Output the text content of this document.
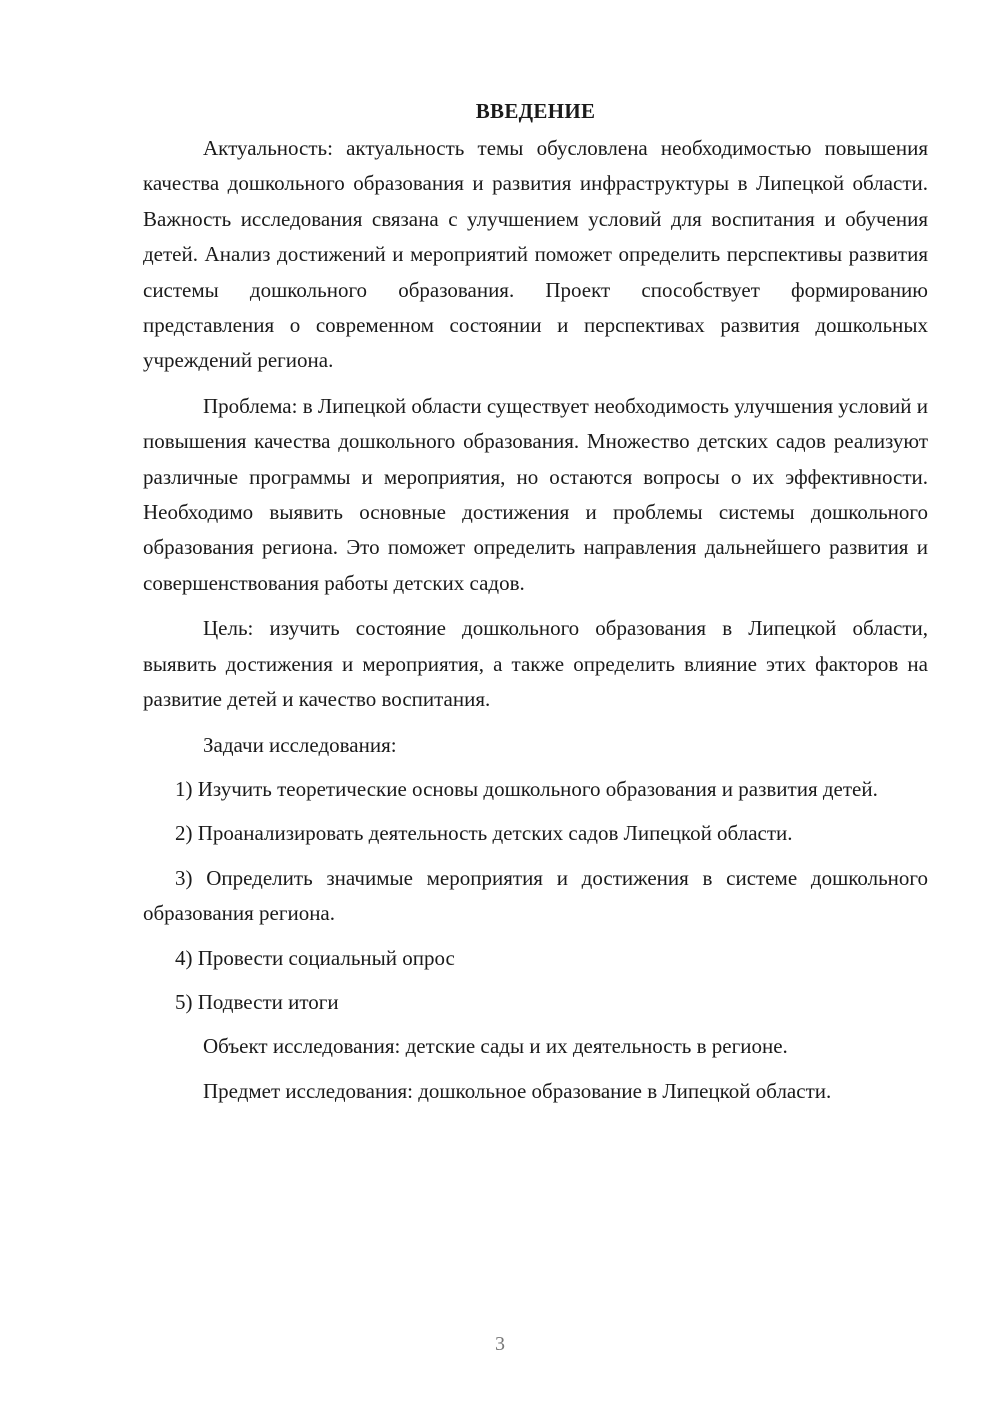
ВВЕДЕНИЕ

Актуальность: актуальность темы обусловлена необходимостью повышения качества дошкольного образования и развития инфраструктуры в Липецкой области. Важность исследования связана с улучшением условий для воспитания и обучения детей. Анализ достижений и мероприятий поможет определить перспективы развития системы дошкольного образования. Проект способствует формированию представления о современном состоянии и перспективах развития дошкольных учреждений региона.

Проблема: в Липецкой области существует необходимость улучшения условий и повышения качества дошкольного образования. Множество детских садов реализуют различные программы и мероприятия, но остаются вопросы о их эффективности. Необходимо выявить основные достижения и проблемы системы дошкольного образования региона. Это поможет определить направления дальнейшего развития и совершенствования работы детских садов.

Цель: изучить состояние дошкольного образования в Липецкой области, выявить достижения и мероприятия, а также определить влияние этих факторов на развитие детей и качество воспитания.

Задачи исследования:

1) Изучить теоретические основы дошкольного образования и развития детей.

2) Проанализировать деятельность детских садов Липецкой области.

3) Определить значимые мероприятия и достижения в системе дошкольного образования региона.

4) Провести социальный опрос

5) Подвести итоги

Объект исследования: детские сады и их деятельность в регионе.

Предмет исследования: дошкольное образование в Липецкой области.

3
